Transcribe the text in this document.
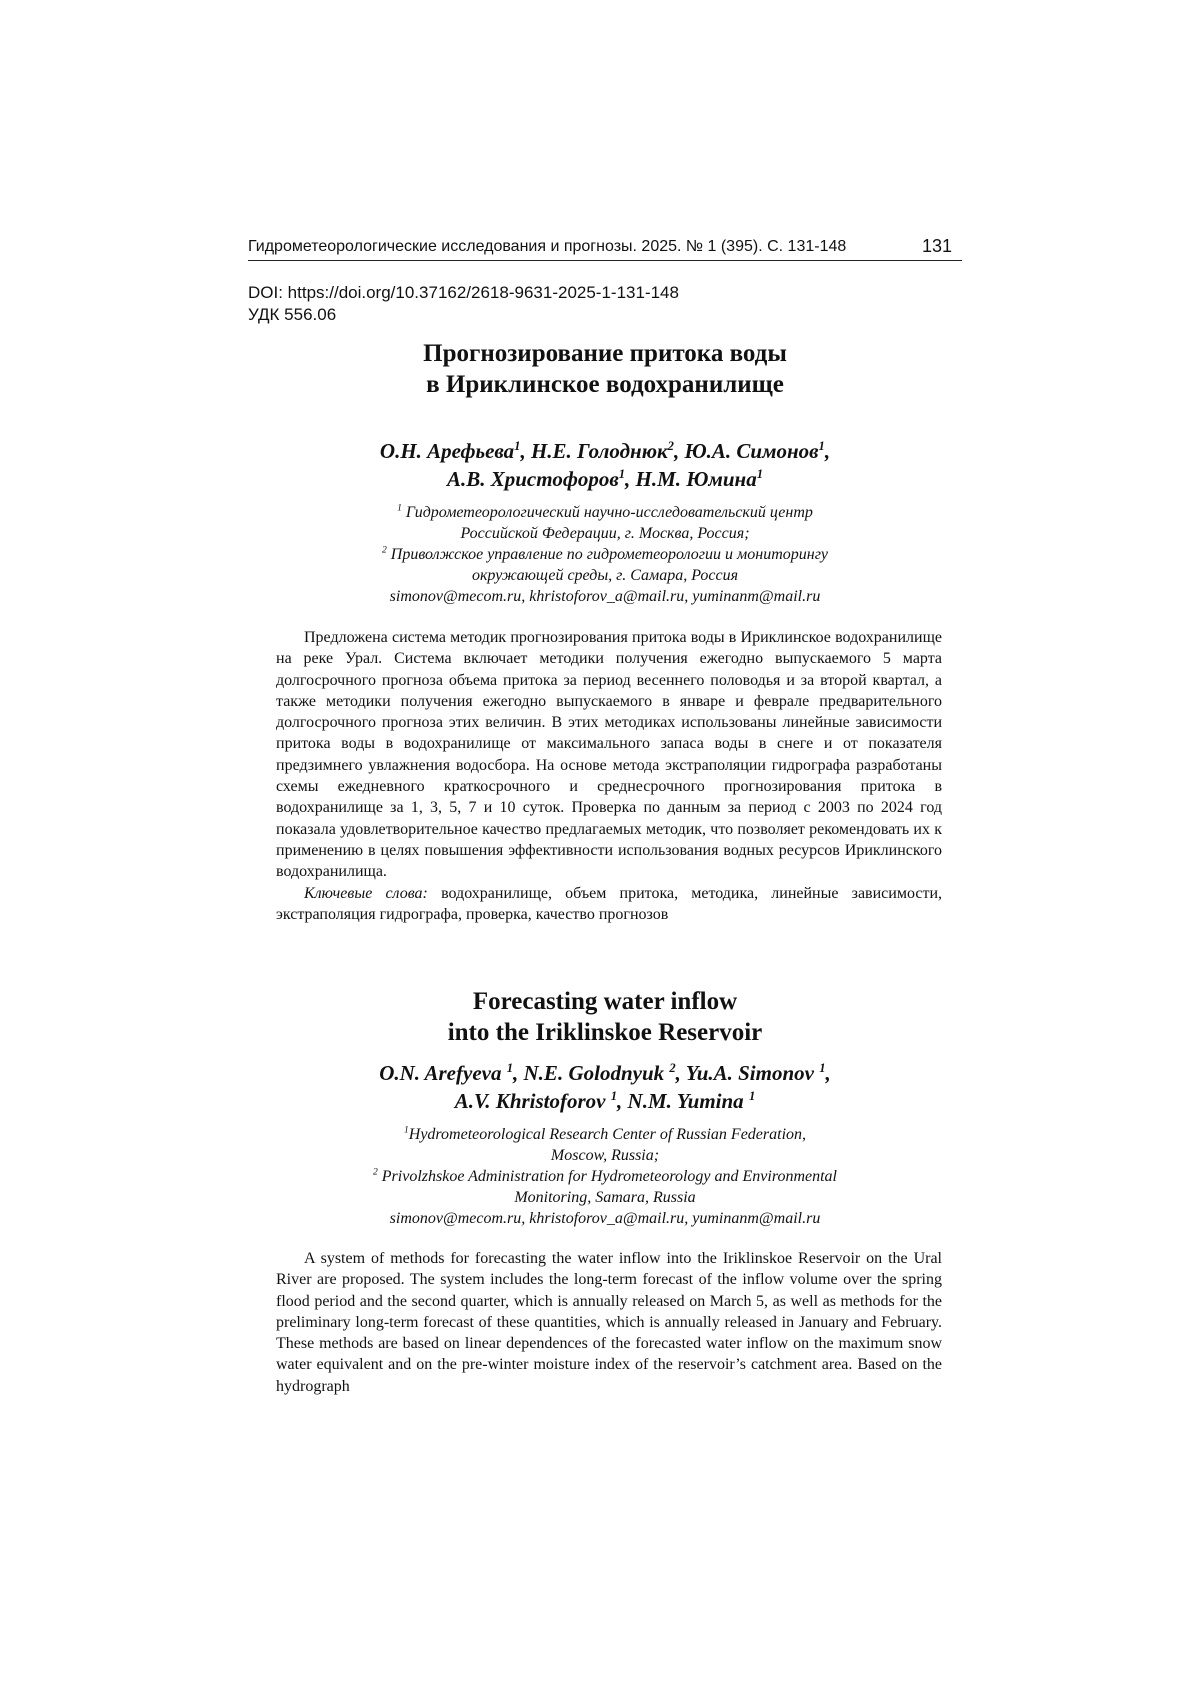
Гидрометеорологические исследования и прогнозы. 2025. № 1 (395). С. 131-148	131
DOI: https://doi.org/10.37162/2618-9631-2025-1-131-148
УДК 556.06
Прогнозирование притока воды
в Ириклинское водохранилище
О.Н. Арефьева$^1$, Н.Е. Голоднюк$^2$, Ю.А. Симонов$^1$,
А.В. Христофоров$^1$, Н.М. Юмина$^1$
$^1$ Гидрометеорологический научно-исследовательский центр
Российской Федерации, г. Москва, Россия;
$^2$ Приволжское управление по гидрометеорологии и мониторингу
окружающей среды, г. Самара, Россия
simonov@mecom.ru, khristoforov_a@mail.ru, yuminanm@mail.ru

Предложена система методик прогнозирования притока воды в Ириклинское водохранилище на реке Урал. Система включает методики получения ежегодно выпускаемого 5 марта долгосрочного прогноза объема притока за период весеннего половодья и за второй квартал, а также методики получения ежегодно выпускаемого в январе и феврале предварительного долгосрочного прогноза этих величин. В этих методиках использованы линейные зависимости притока воды в водохранилище от максимального запаса воды в снеге и от показателя предзимнего увлажнения водосбора. На основе метода экстраполяции гидрографа разработаны схемы ежедневного краткосрочного и среднесрочного прогнозирования притока в водохранилище за 1, 3, 5, 7 и 10 суток. Проверка по данным за период с 2003 по 2024 год показала удовлетворительное качество предлагаемых методик, что позволяет рекомендовать их к применению в целях повышения эффективности использования водных ресурсов Ириклинского водохранилища.

Ключевые слова: водохранилище, объем притока, методика, линейные зависимости, экстраполяция гидрографа, проверка, качество прогнозов

Forecasting water inflow
into the Iriklinskoe Reservoir
O.N. Arefyeva $^1$, N.E. Golodnyuk $^2$, Yu.A. Simonov $^1$,
A.V. Khristoforov $^1$, N.M. Yumina $^1$
$^1$Hydrometeorological Research Center of Russian Federation,
Moscow, Russia;
$^2$ Privolzhskoe Administration for Hydrometeorology and Environmental
Monitoring, Samara, Russia
simonov@mecom.ru, khristoforov_a@mail.ru, yuminanm@mail.ru

A system of methods for forecasting the water inflow into the Iriklinskoe Reservoir on the Ural River are proposed. The system includes the long-term forecast of the inflow volume over the spring flood period and the second quarter, which is annually released on March 5, as well as methods for the preliminary long-term forecast of these quantities, which is annually released in January and February. These methods are based on linear dependences of the forecasted water inflow on the maximum snow water equivalent and on the pre-winter moisture index of the reservoir’s catchment area. Based on the hydrograph
